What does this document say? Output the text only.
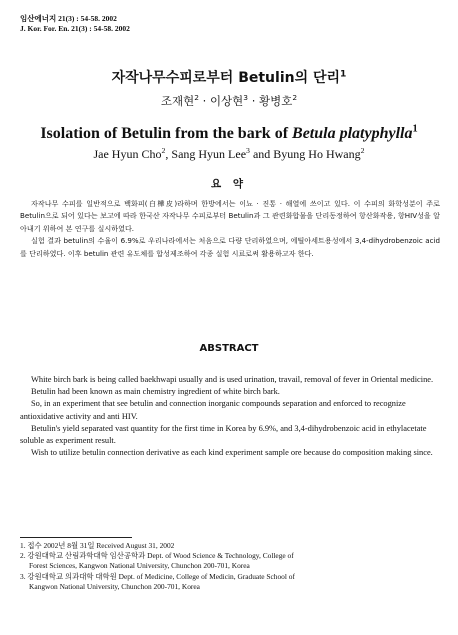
임산에너지 21(3) : 54-58. 2002
J. Kor. For. En. 21(3) : 54-58. 2002
자작나무수피로부터 Betulin의 단리$^1$
조재현$^2$ · 이상현$^3$ · 황병호$^2$
Isolation of Betulin from the bark of Betula platyphylla$^1$
Jae Hyun Cho$^2$, Sang Hyun Lee$^3$ and Byung Ho Hwang$^2$
요 약

자작나무 수피를 일반적으로 백화피(白樺皮)라하며 한방에서는 이뇨 · 진통 · 해열에 쓰이고 있다. 이 수피의 화학성분이 주로 Betulin으로 되어 있다는 보고에 따라 한국산 자작나무 수피로부터 Betulin과 그 관련화합물을 단리동정하여 항산화작용, 항HIV성을 알아내기 위하여 본 연구를 실시하였다.

실험 결과 betulin의 수율이 6.9%로 우리나라에서는 처음으로 다량 단리하였으며, 에틸아세트용성에서 3,4-dihydrobenzoic acid를 단리하였다. 이후 betulin 관련 유도체를 합성제조하여 각종 실험 시료로써 활용하고자 한다.

ABSTRACT

White birch bark is being called baekhwapi usually and is used urination, travail, removal of fever in Oriental medicine.

Betulin had been known as main chemistry ingredient of white birch bark.

So, in an experiment that see betulin and connection inorganic compounds separation and enforced to recognize antioxidative activity and anti HIV.

Betulin's yield separated vast quantity for the first time in Korea by 6.9%, and 3,4-dihydrobenzoic acid in ethylacetate soluble as experiment result.

Wish to utilize betulin connection derivative as each kind experiment sample ore because do composition making since.

1. 접수 2002년 8월 31일 Received August 31, 2002
2. 강원대학교 산림과학대학 임산공학과 Dept. of Wood Science & Technology, College of
Forest Sciences, Kangwon National University, Chunchon 200-701, Korea
3. 강원대학교 의과대학 대학원 Dept. of Medicine, College of Medicin, Graduate School of
Kangwon National University, Chunchon 200-701, Korea
